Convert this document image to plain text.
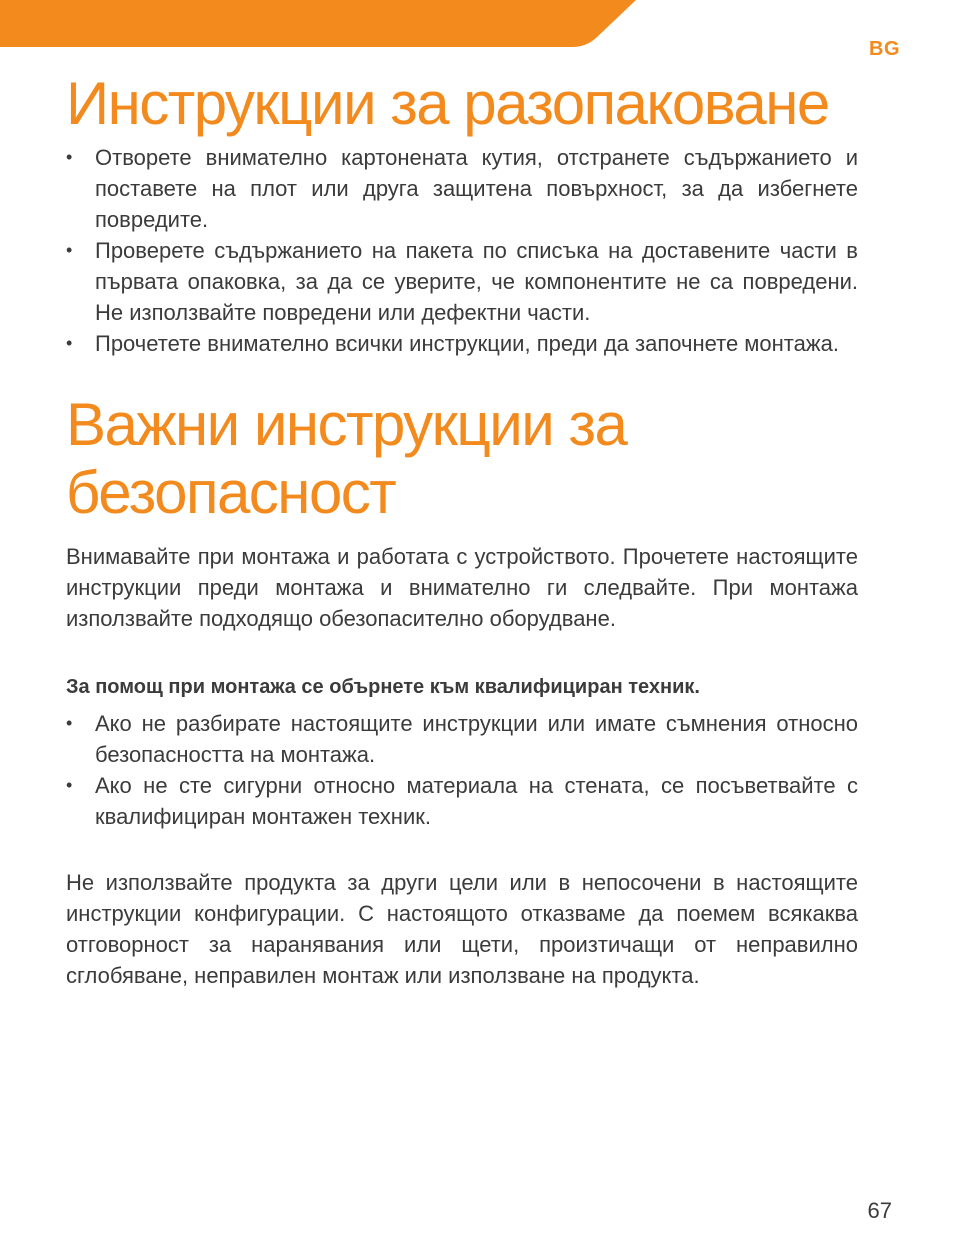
BG
Инструкции за разопаковане
• Отворете внимателно картонената кутия, отстранете съдържанието и поставете на плот или друга защитена повърхност, за да избегнете повредите.
• Проверете съдържанието на пакета по списъка на доставените части в първата опаковка, за да се уверите, че компонентите не са повредени. Не използвайте повредени или дефектни части.
• Прочетете внимателно всички инструкции, преди да започнете монтажа.
Важни инструкции за безопасност

Внимавайте при монтажа и работата с устройството. Прочетете настоящите инструкции преди монтажа и внимателно ги следвайте. При монтажа използвайте подходящо обезопасително оборудване.

За помощ при монтажа се обърнете към квалифициран техник.

• Ако не разбирате настоящите инструкции или имате съмнения относно безопасността на монтажа.
• Ако не сте сигурни относно материала на стената, се посъветвайте с квалифициран монтажен техник.

Не използвайте продукта за други цели или в непосочени в настоящите инструкции конфигурации. С настоящото отказваме да поемем всякаква отговорност за наранявания или щети, произтичащи от неправилно сглобяване, неправилен монтаж или използване на продукта.

67
